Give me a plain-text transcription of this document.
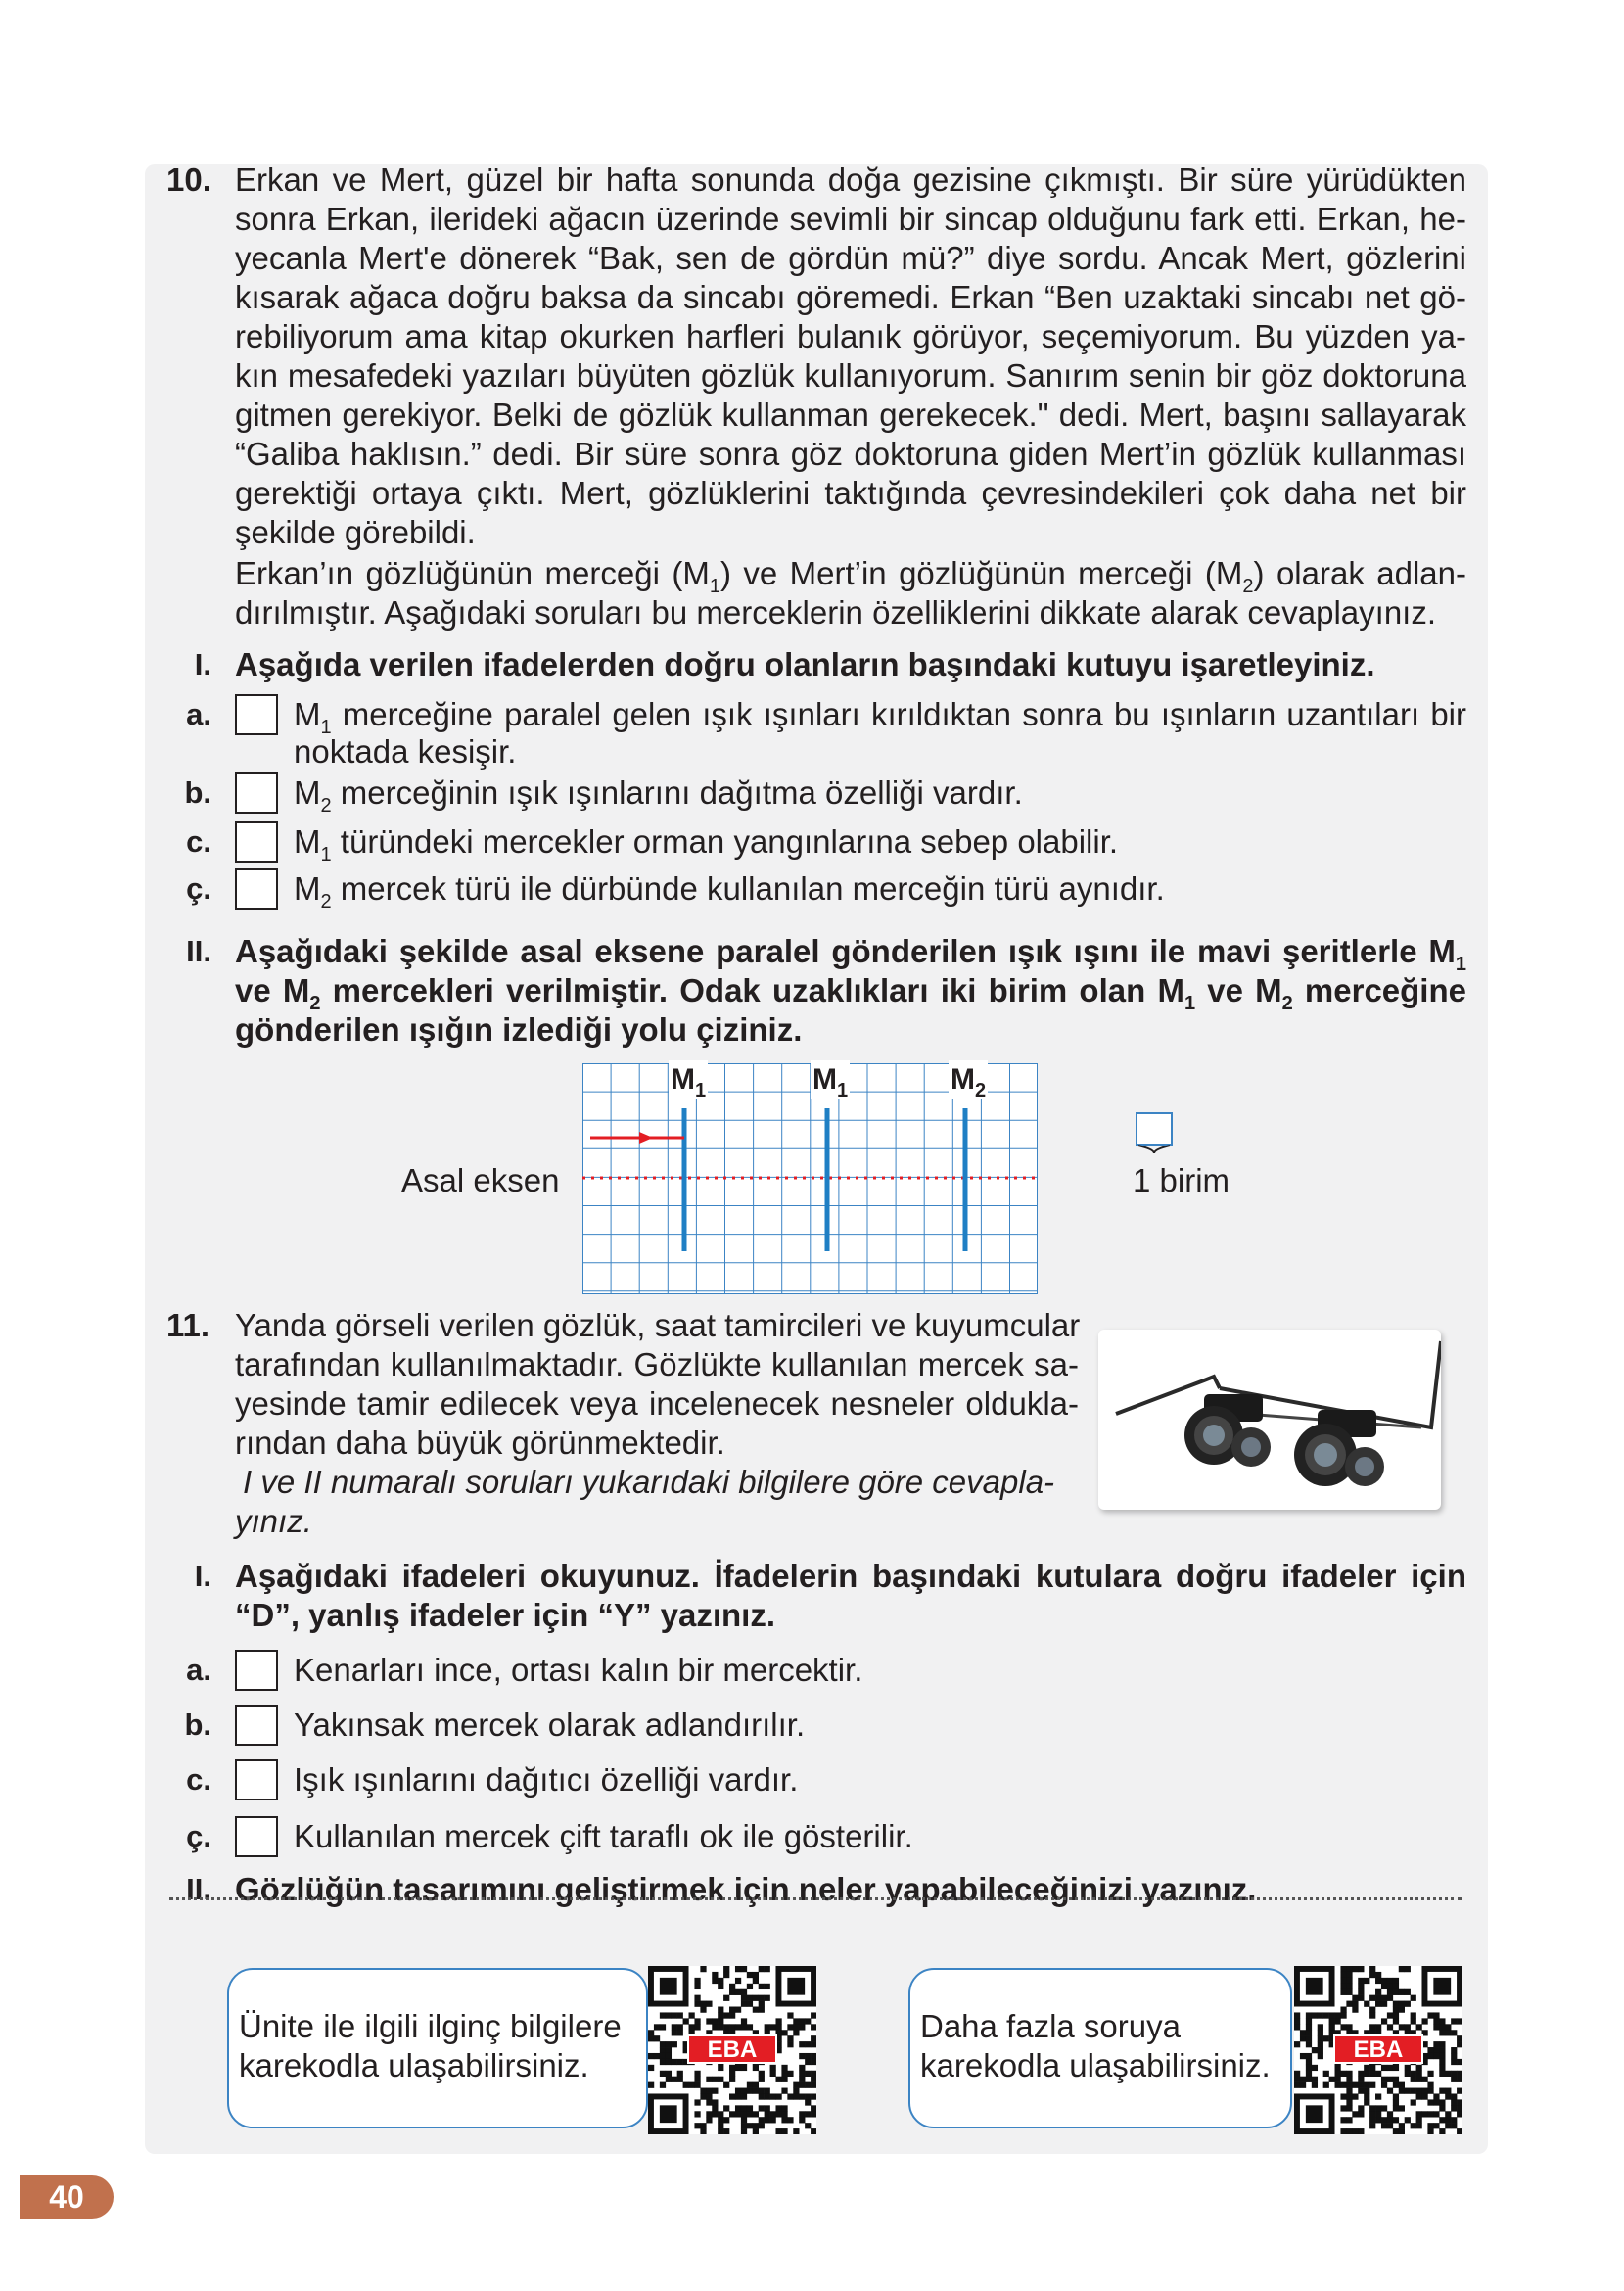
10. Erkan ve Mert, güzel bir hafta sonunda doğa gezisine çıkmıştı. Bir süre yürüdükten
sonra Erkan, ilerideki ağacın üzerinde sevimli bir sincap olduğunu fark etti. Erkan, he-
yecanla Mert'e dönerek “Bak, sen de gördün mü?” diye sordu. Ancak Mert, gözlerini
kısarak ağaca doğru baksa da sincabı göremedi. Erkan “Ben uzaktaki sincabı net gö-
rebiliyorum ama kitap okurken harfleri bulanık görüyor, seçemiyorum. Bu yüzden ya-
kın mesafedeki yazıları büyüten gözlük kullanıyorum. Sanırım senin bir göz doktoruna
gitmen gerekiyor. Belki de gözlük kullanman gerekecek." dedi. Mert, başını sallayarak
“Galiba haklısın.” dedi. Bir süre sonra göz doktoruna giden Mert’in gözlük kullanması
gerektiği ortaya çıktı. Mert, gözlüklerini taktığında çevresindekileri çok daha net bir
şekilde görebildi.
Erkan’ın gözlüğünün merceği $(M_1)$ ve Mert’in gözlüğünün merceği $(M_2)$ olarak adlan-
dırılmıştır. Aşağıdaki soruları bu merceklerin özelliklerini dikkate alarak cevaplayınız.
I. Aşağıda verilen ifadelerden doğru olanların başındaki kutuyu işaretleyiniz.
a.	$M_1$ merceğine paralel gelen ışık ışınları kırıldıktan sonra bu ışınların uzantıları bir
noktada kesişir.
b.	$M_2$ merceğinin ışık ışınlarını dağıtma özelliği vardır.
c.	$M_1$ türündeki mercekler orman yangınlarına sebep olabilir.
ç.	$M_2$ mercek türü ile dürbünde kullanılan merceğin türü aynıdır.
II. Aşağıdaki şekilde asal eksene paralel gönderilen ışık ışını ile mavi şeritlerle $M_1$
ve $M_2$ mercekleri verilmiştir. Odak uzaklıkları iki birim olan $M_1$ ve $M_2$ merceğine
gönderilen ışığın izlediği yolu çiziniz.
Asal eksen
$M_1$	$M_1$	$M_2$
1 birim
11. Yanda görseli verilen gözlük, saat tamircileri ve kuyumcular
tarafından kullanılmaktadır. Gözlükte kullanılan mercek sa-
yesinde tamir edilecek veya incelenecek nesneler oldukla-
rından daha büyük görünmektedir.
I ve II numaralı soruları yukarıdaki bilgilere göre cevapla-
yınız.
I. Aşağıdaki ifadeleri okuyunuz. İfadelerin başındaki kutulara doğru ifadeler için
“D”, yanlış ifadeler için “Y” yazınız.
a.	Kenarları ince, ortası kalın bir mercektir.
b.	Yakınsak mercek olarak adlandırılır.
c.	Işık ışınlarını dağıtıcı özelliği vardır.
ç.	Kullanılan mercek çift taraflı ok ile gösterilir.
II. Gözlüğün tasarımını geliştirmek için neler yapabileceğinizi yazınız.
Ünite ile ilgili ilginç bilgilere
karekodla ulaşabilirsiniz.	EBA
Daha fazla soruya
karekodla ulaşabilirsiniz.	EBA
40
